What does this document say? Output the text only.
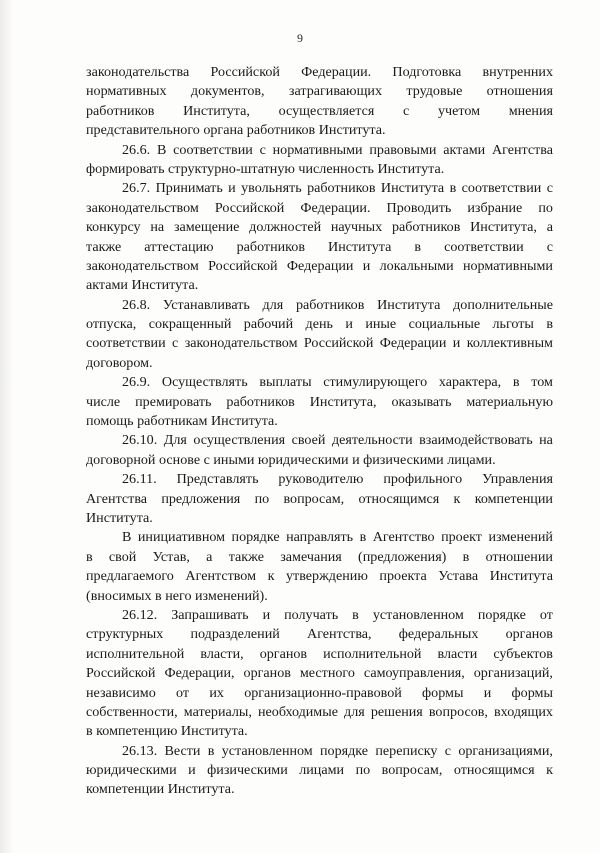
9
законодательства Российской Федерации. Подготовка внутренних
нормативных документов, затрагивающих трудовые отношения
работников Института, осуществляется с учетом мнения
представительного органа работников Института.
26.6. В соответствии с нормативными правовыми актами Агентства
формировать структурно-штатную численность Института.
26.7. Принимать и увольнять работников Института в соответствии с
законодательством Российской Федерации. Проводить избрание по
конкурсу на замещение должностей научных работников Института, а
также аттестацию работников Института в соответствии с
законодательством Российской Федерации и локальными нормативными
актами Института.
26.8. Устанавливать для работников Института дополнительные
отпуска, сокращенный рабочий день и иные социальные льготы в
соответствии с законодательством Российской Федерации и коллективным
договором.
26.9. Осуществлять выплаты стимулирующего характера, в том
числе премировать работников Института, оказывать материальную
помощь работникам Института.
26.10. Для осуществления своей деятельности взаимодействовать на
договорной основе с иными юридическими и физическими лицами.
26.11. Представлять руководителю профильного Управления
Агентства предложения по вопросам, относящимся к компетенции
Института.
В инициативном порядке направлять в Агентство проект изменений
в свой Устав, а также замечания (предложения) в отношении
предлагаемого Агентством к утверждению проекта Устава Института
(вносимых в него изменений).
26.12. Запрашивать и получать в установленном порядке от
структурных подразделений Агентства, федеральных органов
исполнительной власти, органов исполнительной власти субъектов
Российской Федерации, органов местного самоуправления, организаций,
независимо от их организационно-правовой формы и формы
собственности, материалы, необходимые для решения вопросов, входящих
в компетенцию Института.
26.13. Вести в установленном порядке переписку с организациями,
юридическими и физическими лицами по вопросам, относящимся к
компетенции Института.
